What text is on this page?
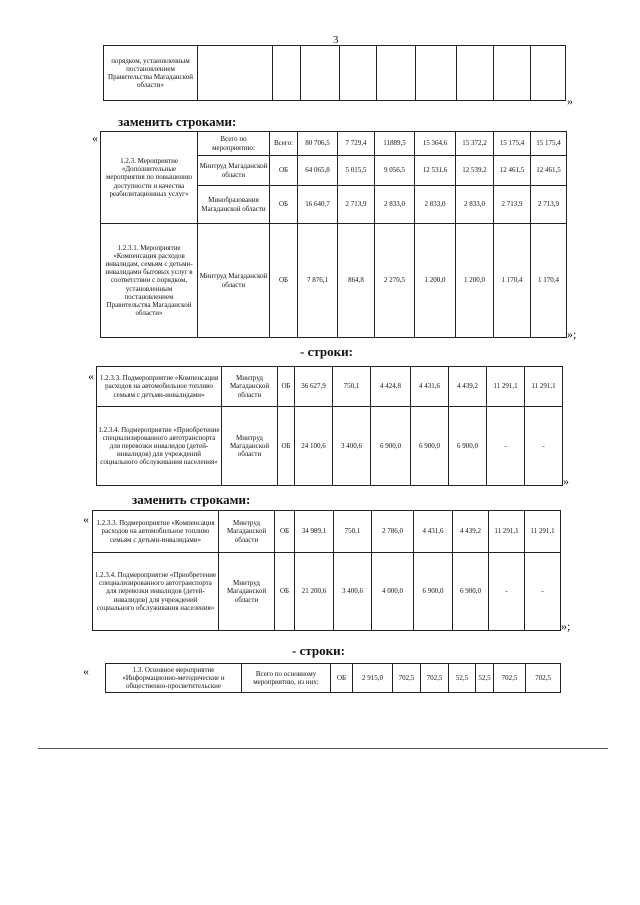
3
порядком, установленным постановлением Правительства Магаданской области»									
»
заменить строками:
«
1.2.3. Мероприятие «Дополнительные мероприятия по повышению доступности и качества реабилитационных услуг»	Всего по мероприятию:	Всего:	80 706,5	7 729,4	11889,5	15 364,6	15 372,2	15 175,4	15 175,4
	Минтруд Магаданской области	ОБ	64 065,8	5 015,5	9 056,5	12 531,6	12 539,2	12 461,5	12 461,5
	Минобразования Магаданской области	ОБ	16 640,7	2 713,9	2 833,0	2 833,0	2 833,0	2 713,9	2 713,9
1.2.3.1. Мероприятие «Компенсация расходов инвалидам, семьям с детьми-инвалидами бытовых услуг в соответствии с порядком, установленным постановлением Правительства Магаданской области»	Минтруд Магаданской области	ОБ	7 876,1	864,8	2 270,5	1 200,0	1 200,0	1 170,4	1 170,4
»;
- строки:
« 1.2.3.3. Подмероприятие «Компенсация расходов на автомобильное топливо семьям с детьми-инвалидами»	Минтруд Магаданской области	ОБ	36 627,9	750,1	4 424,8	4 431,6	4 439,2	11 291,1	11 291,1
1.2.3.4. Подмероприятие «Приобретение специализированного автотранспорта для перевозки инвалидов (детей-инвалидов) для учреждений социального обслуживания населения»	Минтруд Магаданской области	ОБ	24 100,6	3 400,6	6 900,0	6 900,0	6 900,0	-	-
»
заменить строками:
« 1.2.3.3. Подмероприятие «Компенсация расходов на автомобильное топливо семьям с детьми-инвалидами»	Минтруд Магаданской области	ОБ	34 989,1	750,1	2 786,0	4 431,6	4 439,2	11 291,1	11 291,1
1.2.3.4. Подмероприятие «Приобретение специализированного автотранспорта для перевозки инвалидов (детей-инвалидов) для учреждений социального обслуживания населения»	Минтруд Магаданской области	ОБ	21 200,6	3 400,6	4 000,0	6 900,0	6 900,0	-	-
»;
- строки:
«	1.3. Основное мероприятие «Информационно-методические и общественно-просветительские	Всего по основному мероприятию, из них:	ОБ	2 915,0	702,5	702,5	52,5	52,5	702,5	702,5
